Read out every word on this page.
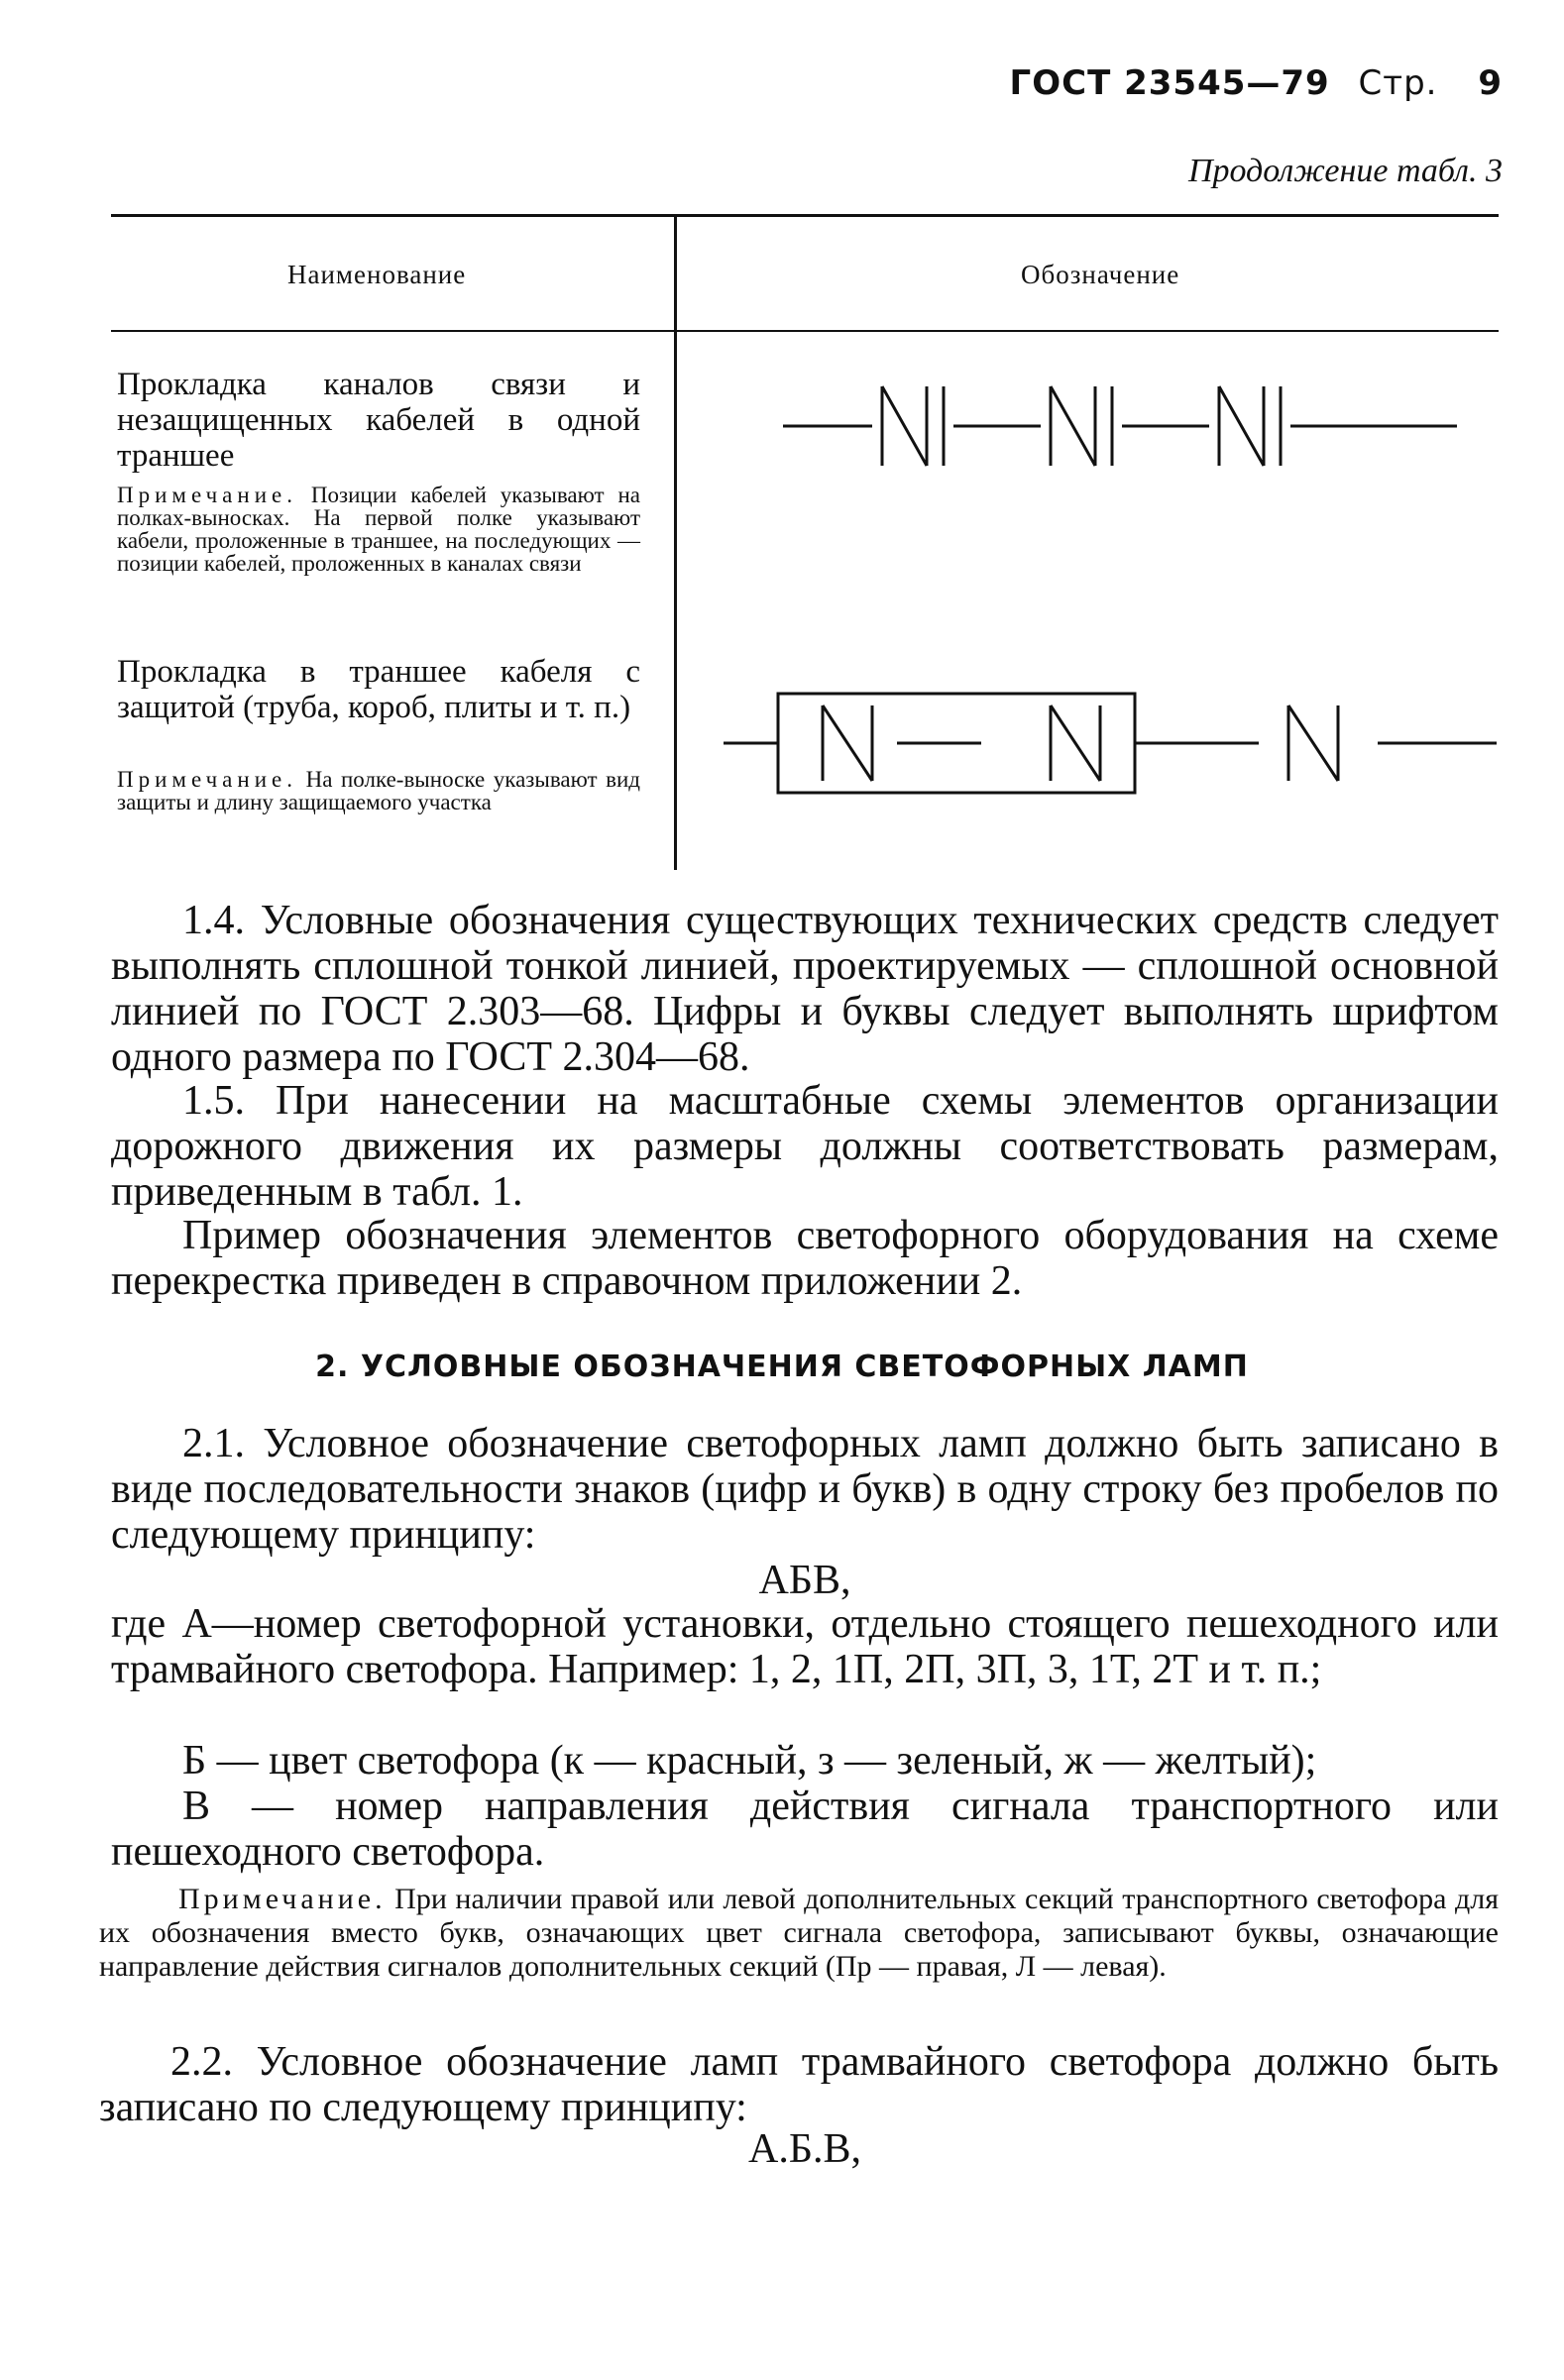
ГОСТ 23545—79 Стр. 9
Продолжение табл. 3
Наименование	Обозначение
Прокладка каналов связи и незащищенных кабелей в одной траншее
Примечание. Позиции кабелей указывают на полках-выносках. На первой полке указывают кабели, проложенные в траншее, на последующих — позиции кабелей, проложенных в каналах связи
Прокладка в траншее кабеля с защитой (труба, короб, плиты и т. п.)
Примечание. На полке-выноске указывают вид защиты и длину защищаемого участка
1.4. Условные обозначения существующих технических средств следует выполнять сплошной тонкой линией, проектируемых — сплошной основной линией по ГОСТ 2.303—68. Цифры и буквы следует выполнять шрифтом одного размера по ГОСТ 2.304—68.
1.5. При нанесении на масштабные схемы элементов организации дорожного движения их размеры должны соответствовать размерам, приведенным в табл. 1.
Пример обозначения элементов светофорного оборудования на схеме перекрестка приведен в справочном приложении 2.
2. УСЛОВНЫЕ ОБОЗНАЧЕНИЯ СВЕТОФОРНЫХ ЛАМП
2.1. Условное обозначение светофорных ламп должно быть записано в виде последовательности знаков (цифр и букв) в одну строку без пробелов по следующему принципу:
АБВ,
где А—номер светофорной установки, отдельно стоящего пешеходного или трамвайного светофора. Например: 1, 2, 1П, 2П, 3П, 3, 1Т, 2Т и т. п.;
Б — цвет светофора (к — красный, з — зеленый, ж — желтый);
В — номер направления действия сигнала транспортного или пешеходного светофора.
Примечание. При наличии правой или левой дополнительных секций транспортного светофора для их обозначения вместо букв, означающих цвет сигнала светофора, записывают буквы, означающие направление действия сигналов дополнительных секций (Пр — правая, Л — левая).
2.2. Условное обозначение ламп трамвайного светофора должно быть записано по следующему принципу:
А.Б.В,
